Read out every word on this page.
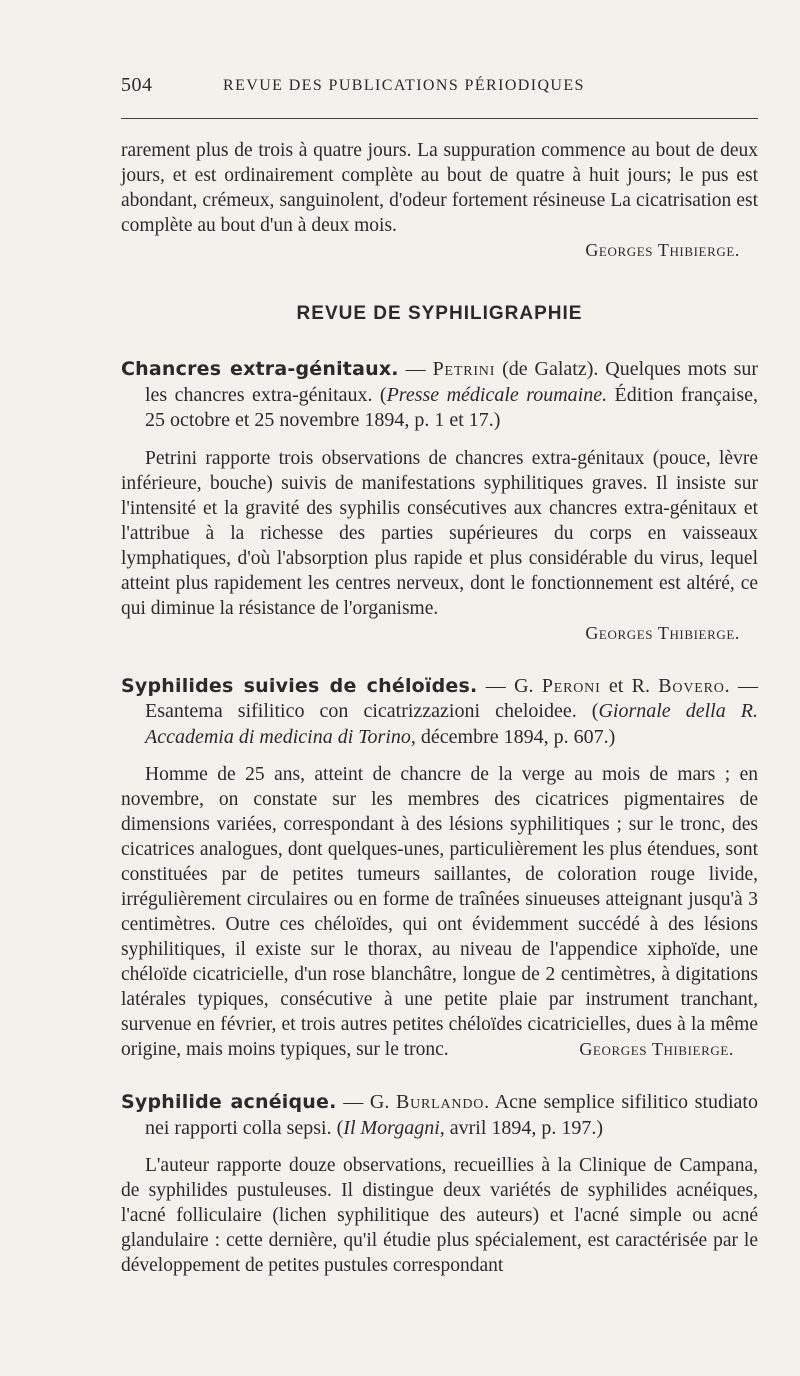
504	REVUE DES PUBLICATIONS PÉRIODIQUES

rarement plus de trois à quatre jours. La suppuration commence au bout de deux jours, et est ordinairement complète au bout de quatre à huit jours; le pus est abondant, crémeux, sanguinolent, d'odeur fortement résineuse La cicatrisation est complète au bout d'un à deux mois.

Georges Thibierge.
REVUE DE SYPHILIGRAPHIE
Chancres extra-génitaux. — Petrini (de Galatz). Quelques mots sur les chancres extra-génitaux. (Presse médicale roumaine. Édition française, 25 octobre et 25 novembre 1894, p. 1 et 17.)

Petrini rapporte trois observations de chancres extra-génitaux (pouce, lèvre inférieure, bouche) suivis de manifestations syphilitiques graves. Il insiste sur l'intensité et la gravité des syphilis consécutives aux chancres extra-génitaux et l'attribue à la richesse des parties supérieures du corps en vaisseaux lymphatiques, d'où l'absorption plus rapide et plus considérable du virus, lequel atteint plus rapidement les centres nerveux, dont le fonctionnement est altéré, ce qui diminue la résistance de l'organisme.

Georges Thibierge.
Syphilides suivies de chéloïdes. — G. Peroni et R. Bovero. — Esantema sifilitico con cicatrizzazioni cheloidee. (Giornale della R. Accademia di medicina di Torino, décembre 1894, p. 607.)

Homme de 25 ans, atteint de chancre de la verge au mois de mars ; en novembre, on constate sur les membres des cicatrices pigmentaires de dimensions variées, correspondant à des lésions syphilitiques ; sur le tronc, des cicatrices analogues, dont quelques-unes, particulièrement les plus étendues, sont constituées par de petites tumeurs saillantes, de coloration rouge livide, irrégulièrement circulaires ou en forme de traînées sinueuses atteignant jusqu'à 3 centimètres. Outre ces chéloïdes, qui ont évidemment succédé à des lésions syphilitiques, il existe sur le thorax, au niveau de l'appendice xiphoïde, une chéloïde cicatricielle, d'un rose blanchâtre, longue de 2 centimètres, à digitations latérales typiques, consécutive à une petite plaie par instrument tranchant, survenue en février, et trois autres petites chéloïdes cicatricielles, dues à la même origine, mais moins typiques, sur le tronc.	Georges Thibierge.

Syphilide acnéique. — G. Burlando. Acne semplice sifilitico studiato nei rapporti colla sepsi. (Il Morgagni, avril 1894, p. 197.)

L'auteur rapporte douze observations, recueillies à la Clinique de Campana, de syphilides pustuleuses. Il distingue deux variétés de syphilides acnéiques, l'acné folliculaire (lichen syphilitique des auteurs) et l'acné simple ou acné glandulaire : cette dernière, qu'il étudie plus spécialement, est caractérisée par le développement de petites pustules correspondant
